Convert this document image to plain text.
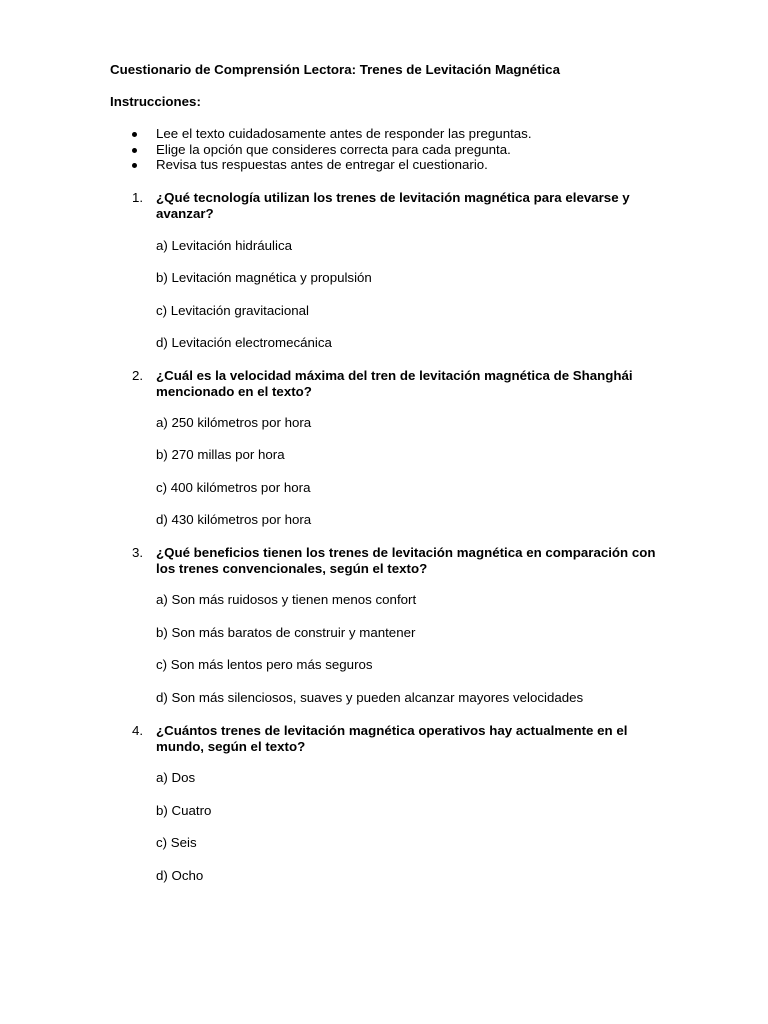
Cuestionario de Comprensión Lectora: Trenes de Levitación Magnética
Instrucciones:
Lee el texto cuidadosamente antes de responder las preguntas.
Elige la opción que consideres correcta para cada pregunta.
Revisa tus respuestas antes de entregar el cuestionario.
1. ¿Qué tecnología utilizan los trenes de levitación magnética para elevarse y avanzar?
a) Levitación hidráulica
b) Levitación magnética y propulsión
c) Levitación gravitacional
d) Levitación electromecánica
2. ¿Cuál es la velocidad máxima del tren de levitación magnética de Shanghái mencionado en el texto?
a) 250 kilómetros por hora
b) 270 millas por hora
c) 400 kilómetros por hora
d) 430 kilómetros por hora
3. ¿Qué beneficios tienen los trenes de levitación magnética en comparación con los trenes convencionales, según el texto?
a) Son más ruidosos y tienen menos confort
b) Son más baratos de construir y mantener
c) Son más lentos pero más seguros
d) Son más silenciosos, suaves y pueden alcanzar mayores velocidades
4. ¿Cuántos trenes de levitación magnética operativos hay actualmente en el mundo, según el texto?
a) Dos
b) Cuatro
c) Seis
d) Ocho
